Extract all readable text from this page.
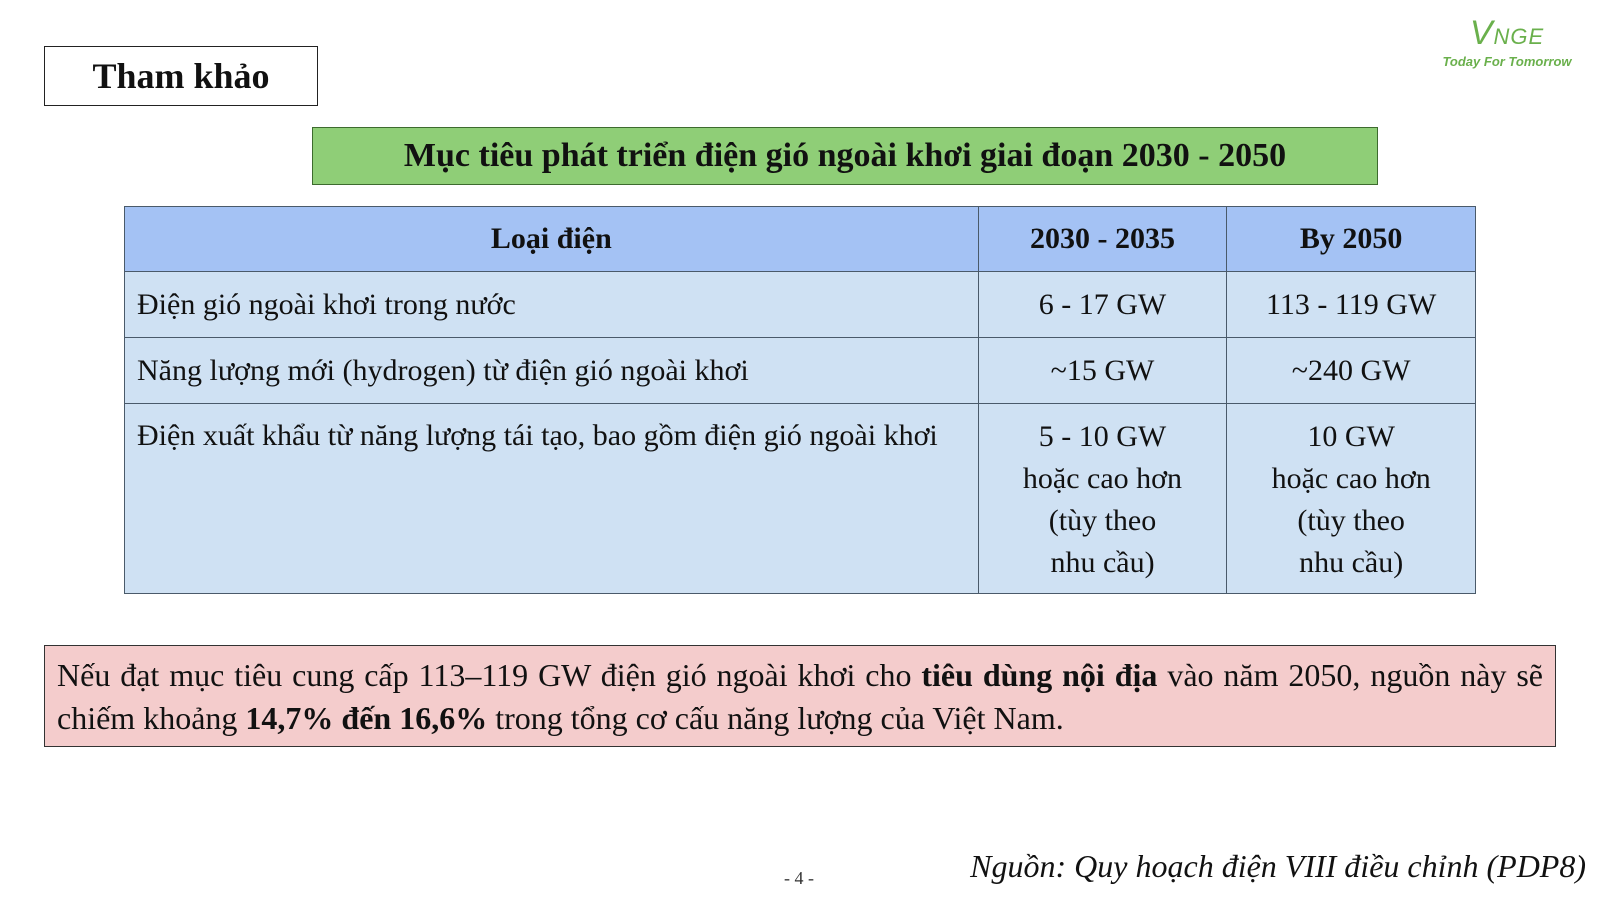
Tham khảo
V NGE
Today For Tomorrow
Mục tiêu phát triển điện gió ngoài khơi giai đoạn 2030 - 2050
Loại điện	2030 - 2035	By 2050
Điện gió ngoài khơi trong nước	6 - 17 GW	113 - 119 GW

Năng lượng mới (hydrogen) từ điện gió ngoài khơi	~15 GW	~240 GW

Điện xuất khẩu từ năng lượng tái tạo, bao gồm điện gió ngoài khơi	5 - 10 GW
hoặc cao hơn
(tùy theo
nhu cầu)	10 GW
hoặc cao hơn
(tùy theo
nhu cầu)
Nếu đạt mục tiêu cung cấp 113–119 GW điện gió ngoài khơi cho tiêu dùng nội địa vào năm 2050, nguồn này sẽ chiếm khoảng 14,7% đến 16,6% trong tổng cơ cấu năng lượng của Việt Nam.
- 4 -	Nguồn: Quy hoạch điện VIII điều chỉnh (PDP8)
